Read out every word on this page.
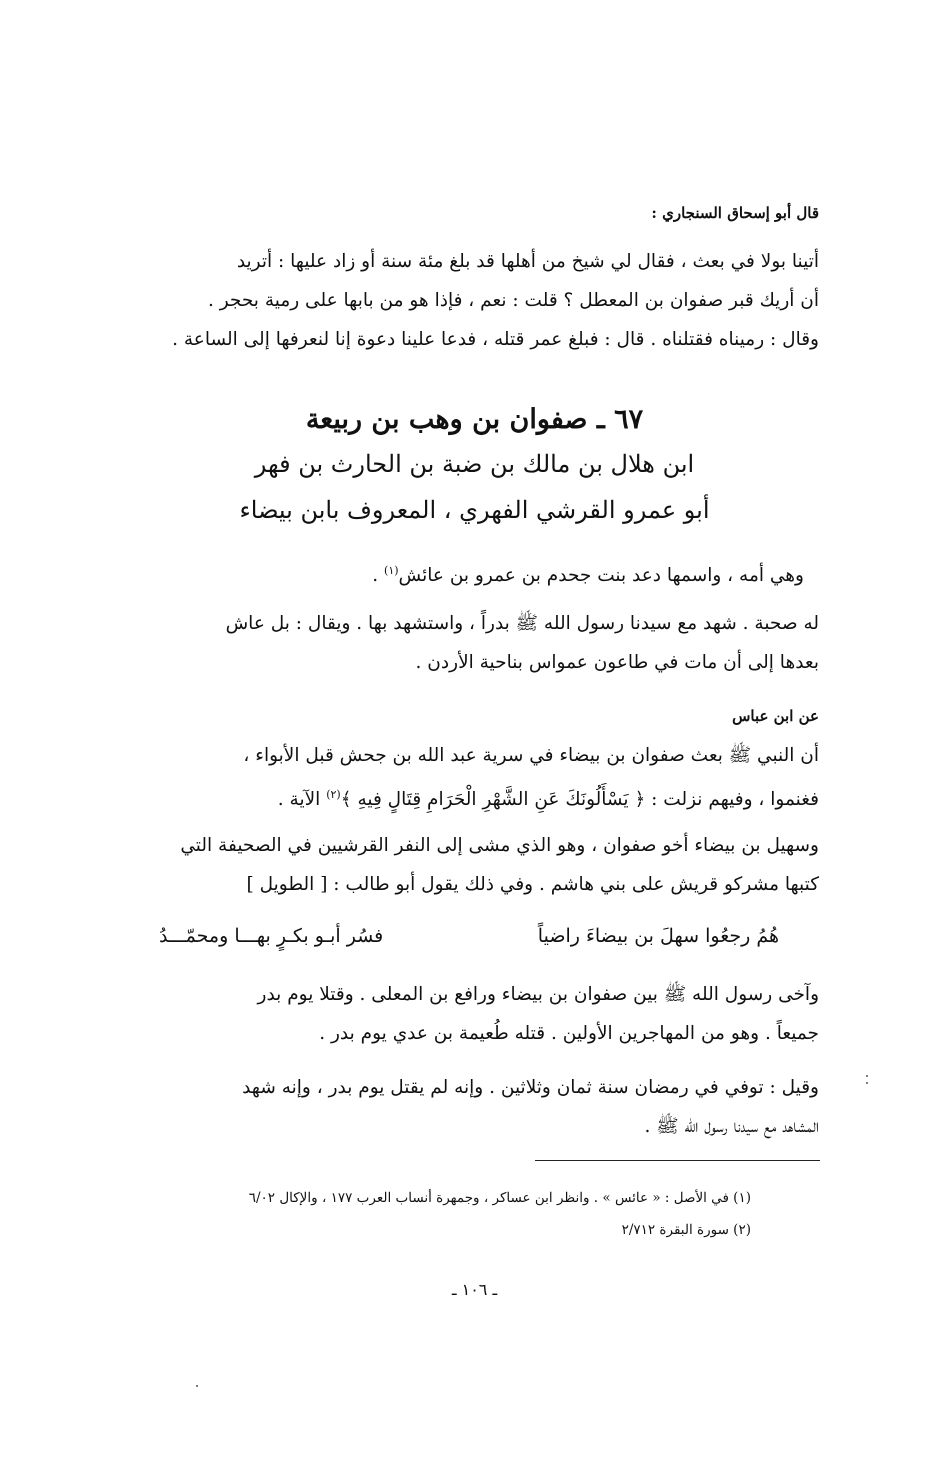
قال أبو إسحاق السنجاري :
أتينا بولا في بعث ، فقال لي شيخ من أهلها قد بلغ مئة سنة أو زاد عليها : أتريد
أن أريك قبر صفوان بن المعطل ؟ قلت : نعم ، فإذا هو من بابها على رمية بحجر .
وقال : رميناه فقتلناه . قال : فبلغ عمر قتله ، فدعا علينا دعوة إنا لنعرفها إلى الساعة .
٦٧ ـ صفوان بن وهب بن ربيعة
ابن هلال بن مالك بن ضبة بن الحارث بن فهر
أبو عمرو القرشي الفهري ، المعروف بابن بيضاء
وهي أمه ، واسمها دعد بنت جحدم بن عمرو بن عائش$^{(١)}$ .
له صحبة . شهد مع سيدنا رسول الله ﷺ بدراً ، واستشهد بها . ويقال : بل عاش
بعدها إلى أن مات في طاعون عمواس بناحية الأردن .
عن ابن عباس
أن النبي ﷺ بعث صفوان بن بيضاء في سرية عبد الله بن جحش قبل الأبواء ،
فغنموا ، وفيهم نزلت : ﴿ يَسْأَلُونَكَ عَنِ الشَّهْرِ الْحَرَامِ قِتَالٍ فِيهِ ﴾$^{(٢)}$ الآية .
وسهيل بن بيضاء أخو صفوان ، وهو الذي مشى إلى النفر القرشيين في الصحيفة التي
كتبها مشركو قريش على بني هاشم . وفي ذلك يقول أبو طالب : [ الطويل ]
هُمُ رجعُوا سهلَ بن بيضاءَ راضياً
فسُر أبـو بكـرٍ بهـــا ومحمّـــدُ
وآخى رسول الله ﷺ بين صفوان بن بيضاء ورافع بن المعلى . وقتلا يوم بدر
جميعاً . وهو من المهاجرين الأولين . قتله طُعيمة بن عدي يوم بدر .
وقيل : توفي في رمضان سنة ثمان وثلاثين . وإنه لم يقتل يوم بدر ، وإنه شهد
المشاهد مع سيدنا رسول الله ﷺ .
(١) في الأصل : « عائس » . وانظر ابن عساكر ، وجمهرة أنساب العرب ١٧٧ ، والإكال ٦/٠٢
(٢) سورة البقرة ٢/٧١٢
ـ ١٠٦ ـ
